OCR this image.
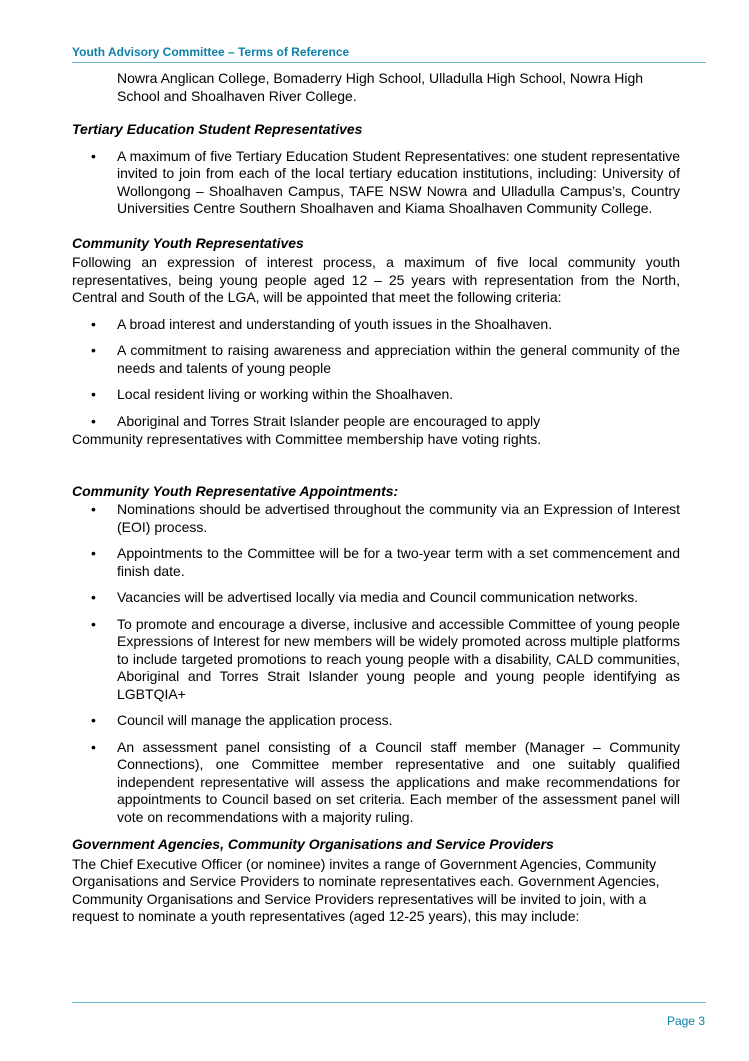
Youth Advisory Committee – Terms of Reference

Nowra Anglican College, Bomaderry High School, Ulladulla High School, Nowra High School and Shoalhaven River College.

Tertiary Education Student Representatives

• A maximum of five Tertiary Education Student Representatives: one student representative invited to join from each of the local tertiary education institutions, including: University of Wollongong – Shoalhaven Campus, TAFE NSW Nowra and Ulladulla Campus’s, Country Universities Centre Southern Shoalhaven and Kiama Shoalhaven Community College.

Community Youth Representatives

Following an expression of interest process, a maximum of five local community youth representatives, being young people aged 12 – 25 years with representation from the North, Central and South of the LGA, will be appointed that meet the following criteria:

• A broad interest and understanding of youth issues in the Shoalhaven.
• A commitment to raising awareness and appreciation within the general community of the needs and talents of young people
• Local resident living or working within the Shoalhaven.
• Aboriginal and Torres Strait Islander people are encouraged to apply

Community representatives with Committee membership have voting rights.

Community Youth Representative Appointments:

• Nominations should be advertised throughout the community via an Expression of Interest (EOI) process.
• Appointments to the Committee will be for a two-year term with a set commencement and finish date.
• Vacancies will be advertised locally via media and Council communication networks.
• To promote and encourage a diverse, inclusive and accessible Committee of young people Expressions of Interest for new members will be widely promoted across multiple platforms to include targeted promotions to reach young people with a disability, CALD communities, Aboriginal and Torres Strait Islander young people and young people identifying as LGBTQIA+
• Council will manage the application process.
• An assessment panel consisting of a Council staff member (Manager – Community Connections), one Committee member representative and one suitably qualified independent representative will assess the applications and make recommendations for appointments to Council based on set criteria. Each member of the assessment panel will vote on recommendations with a majority ruling.

Government Agencies, Community Organisations and Service Providers

The Chief Executive Officer (or nominee) invites a range of Government Agencies, Community Organisations and Service Providers to nominate representatives each. Government Agencies, Community Organisations and Service Providers representatives will be invited to join, with a request to nominate a youth representatives (aged 12-25 years), this may include:

Page 3
